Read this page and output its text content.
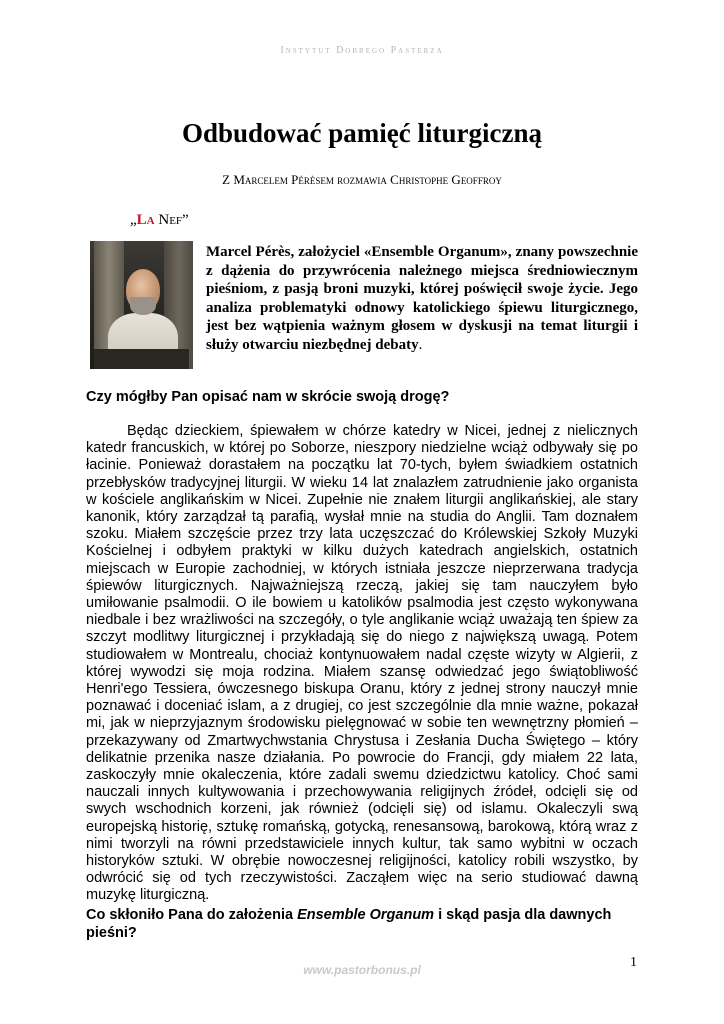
Instytut Dobrego Pasterza
Odbudować pamięć liturgiczną
Z Marcelem Pérèsem rozmawia Christophe Geoffroy
„La Nef”
Marcel Pérès, założyciel «Ensemble Organum», znany powszechnie z dążenia do przywrócenia należnego miejsca średniowiecznym pieśniom, z pasją broni muzyki, której poświęcił swoje życie. Jego analiza problematyki odnowy katolickiego śpiewu liturgicznego, jest bez wątpienia ważnym głosem w dyskusji na temat liturgii i służy otwarciu niezbędnej debaty.
Czy mógłby Pan opisać nam w skrócie swoją drogę?
Będąc dzieckiem, śpiewałem w chórze katedry w Nicei, jednej z nielicznych katedr francuskich, w której po Soborze, nieszpory niedzielne wciąż odbywały się po łacinie. Ponieważ dorastałem na początku lat 70-tych, byłem świadkiem ostatnich przebłysków tradycyjnej liturgii. W wieku 14 lat znalazłem zatrudnienie jako organista w kościele anglikańskim w Nicei. Zupełnie nie znałem liturgii anglikańskiej, ale stary kanonik, który zarządzał tą parafią, wysłał mnie na studia do Anglii. Tam doznałem szoku. Miałem szczęście przez trzy lata uczęszczać do Królewskiej Szkoły Muzyki Kościelnej i odbyłem praktyki w kilku dużych katedrach angielskich, ostatnich miejscach w Europie zachodniej, w których istniała jeszcze nieprzerwana tradycja śpiewów liturgicznych. Najważniejszą rzeczą, jakiej się tam nauczyłem było umiłowanie psalmodii. O ile bowiem u katolików psalmodia jest często wykonywana niedbale i bez wrażliwości na szczegóły, o tyle anglikanie wciąż uważają ten śpiew za szczyt modlitwy liturgicznej i przykładają się do niego z największą uwagą. Potem studiowałem w Montrealu, chociaż kontynuowałem nadal częste wizyty w Algierii, z której wywodzi się moja rodzina. Miałem szansę odwiedzać jego świątobliwość Henri'ego Tessiera, ówczesnego biskupa Oranu, który z jednej strony nauczył mnie poznawać i doceniać islam, a z drugiej, co jest szczególnie dla mnie ważne, pokazał mi, jak w nieprzyjaznym środowisku pielęgnować w sobie ten wewnętrzny płomień – przekazywany od Zmartwychwstania Chrystusa i Zesłania Ducha Świętego – który delikatnie przenika nasze działania. Po powrocie do Francji, gdy miałem 22 lata, zaskoczyły mnie okaleczenia, które zadali swemu dziedzictwu katolicy. Choć sami nauczali innych kultywowania i przechowywania religijnych źródeł, odcięli się od swych wschodnich korzeni, jak również (odcięli się) od islamu. Okaleczyli swą europejską historię, sztukę romańską, gotycką, renesansową, barokową, którą wraz z nimi tworzyli na równi przedstawiciele innych kultur, tak samo wybitni w oczach historyków sztuki. W obrębie nowoczesnej religijności, katolicy robili wszystko, by odwrócić się od tych rzeczywistości. Zacząłem więc na serio studiować dawną muzykę liturgiczną.
Co skłoniło Pana do założenia Ensemble Organum i skąd pasja dla dawnych pieśni?
1
www.pastorbonus.pl
